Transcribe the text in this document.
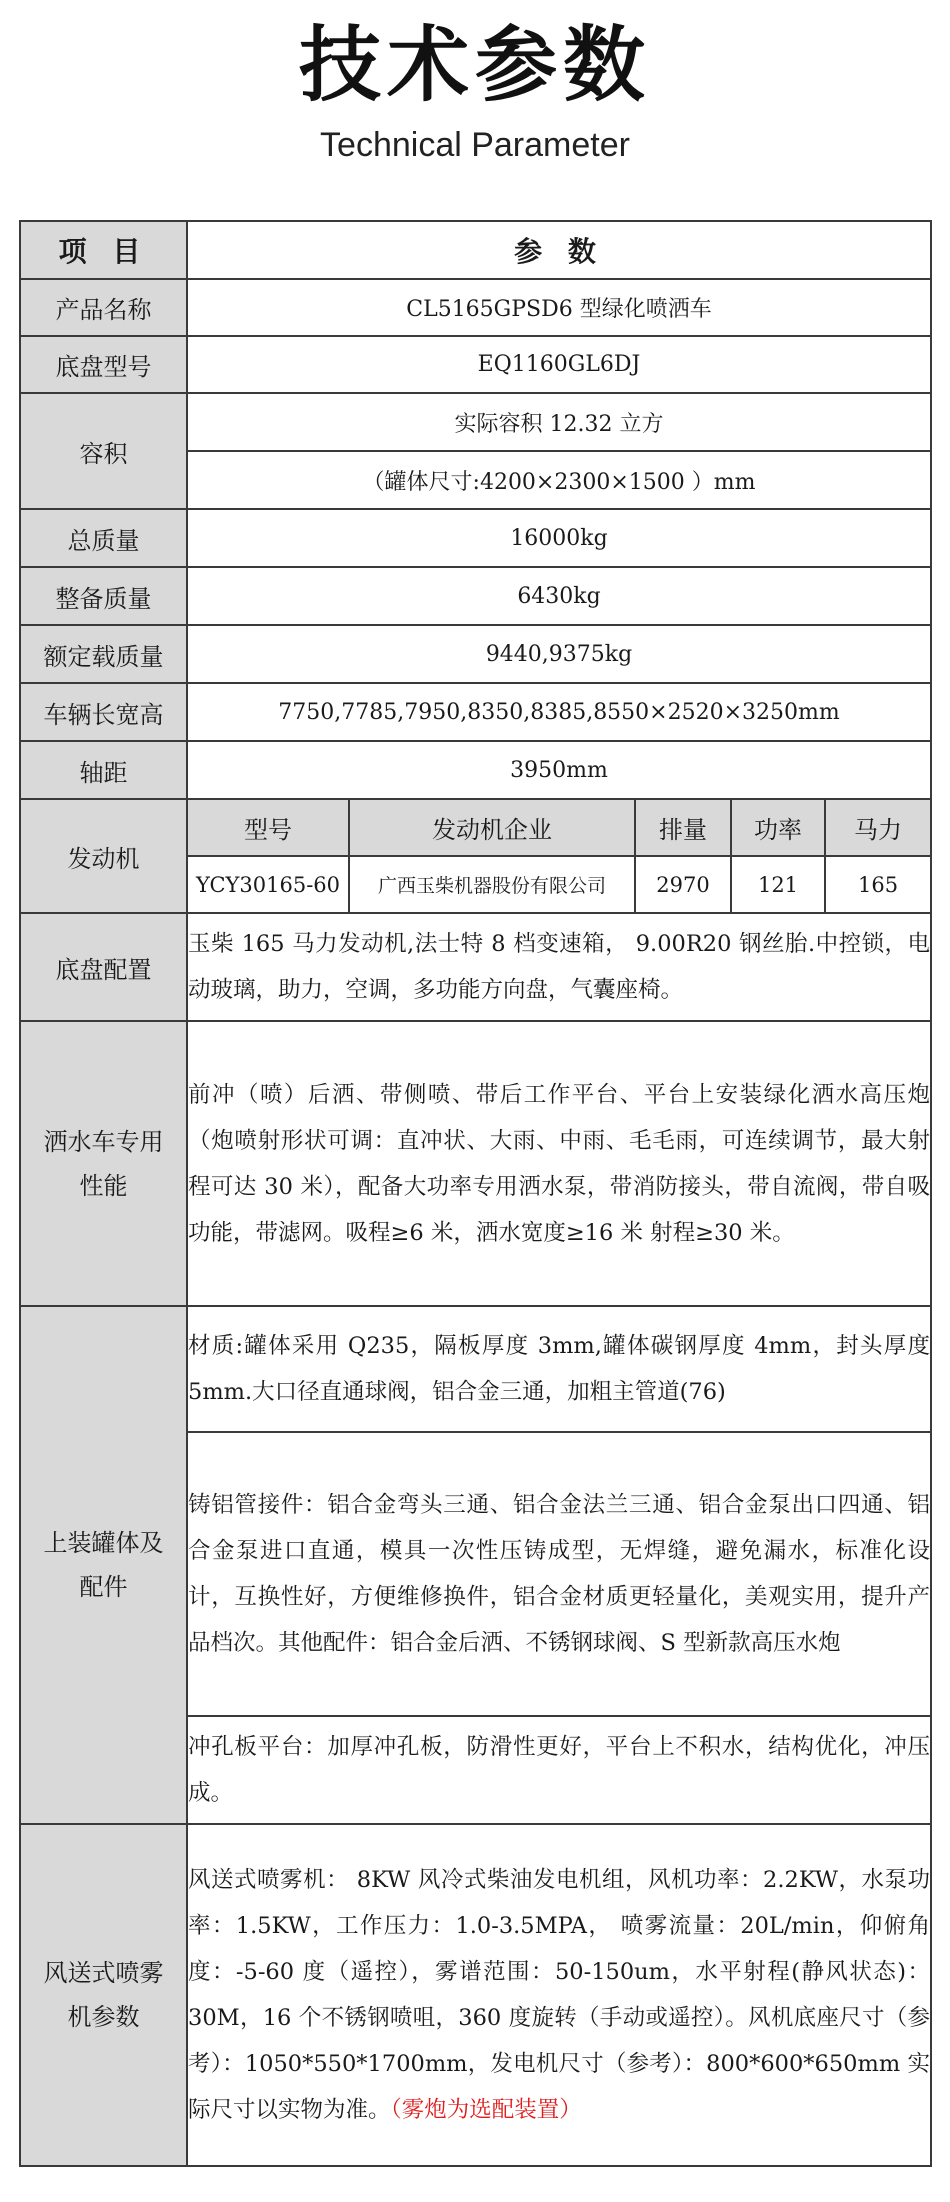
技术参数
Technical Parameter
项 目	参 数				
产品名称	CL5165GPSD6 型绿化喷洒车				
底盘型号	EQ1160GL6DJ				
容积	实际容积 12.32 立方				
	（罐体尺寸:4200×2300×1500 ）mm				
总质量	16000kg				
整备质量	6430kg				
额定载质量	9440,9375kg				
车辆长宽高	7750,7785,7950,8350,8385,8550×2520×3250mm				
轴距	3950mm				
发动机	型号	发动机企业	排量	功率	马力
	YCY30165-60	广西玉柴机器股份有限公司	2970	121	165
底盘配置	玉柴 165 马力发动机,法士特 8 档变速箱， 9.00R20 钢丝胎.中控锁，电动玻璃，助力，空调，多功能方向盘，气囊座椅。				

洒水车专用
性能	前冲（喷）后洒、带侧喷、带后工作平台、平台上安装绿化洒水高压炮（炮喷射形状可调：直冲状、大雨、中雨、毛毛雨，可连续调节，最大射程可达 30 米），配备大功率专用洒水泵，带消防接头，带自流阀，带自吸功能，带滤网。吸程≥6 米，洒水宽度≥16 米 射程≥30 米。				

上装罐体及
配件	材质:罐体采用 Q235，隔板厚度 3mm,罐体碳钢厚度 4mm，封头厚度 5mm.大口径直通球阀，铝合金三通，加粗主管道(76)				
	铸铝管接件：铝合金弯头三通、铝合金法兰三通、铝合金泵出口四通、铝合金泵进口直通，模具一次性压铸成型，无焊缝，避免漏水，标准化设计，互换性好，方便维修换件，铝合金材质更轻量化，美观实用，提升产品档次。其他配件：铝合金后洒、不锈钢球阀、S 型新款高压水炮				
	冲孔板平台：加厚冲孔板，防滑性更好，平台上不积水，结构优化，冲压成。				

风送式喷雾
机参数	风送式喷雾机： 8KW 风冷式柴油发电机组，风机功率：2.2KW，水泵功率：1.5KW，工作压力：1.0-3.5MPA， 喷雾流量：20L/min，仰俯角度：-5-60 度（遥控），雾谱范围：50-150um，水平射程(静风状态)： 30M，16 个不锈钢喷咀，360 度旋转（手动或遥控）。风机底座尺寸（参考）：1050*550*1700mm，发电机尺寸（参考）：800*600*650mm 实际尺寸以实物为准。（雾炮为选配装置）				
